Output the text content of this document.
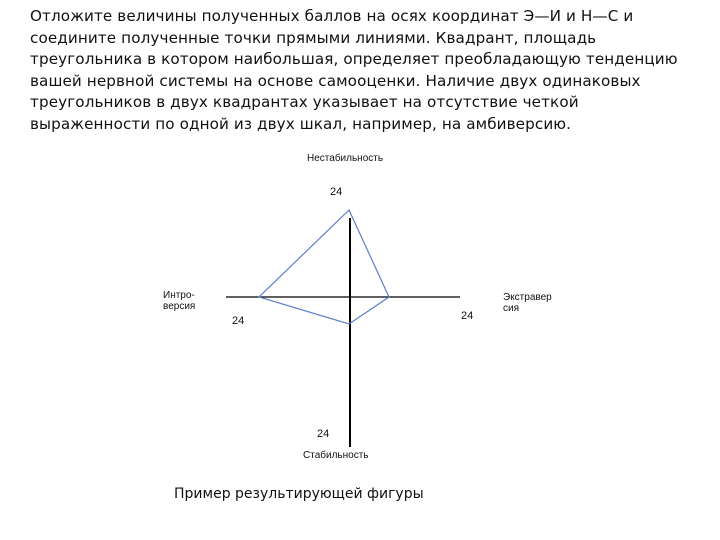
Отложите величины полученных баллов на осях координат Э—И и Н—С и соедините полученные точки прямыми линиями. Квадрант, площадь треугольника в котором наибольшая, определяет преобладающую тенденцию вашей нервной системы на основе самооценки. Наличие двух одинаковых треугольников в двух квадрантах указывает на отсутствие четкой выраженности по одной из двух шкал, например, на амбиверсию.

Нестабильность
24
Интро-
версия
24	24
Экстравер
сия
24
Стабильность
Пример результирующей фигуры
